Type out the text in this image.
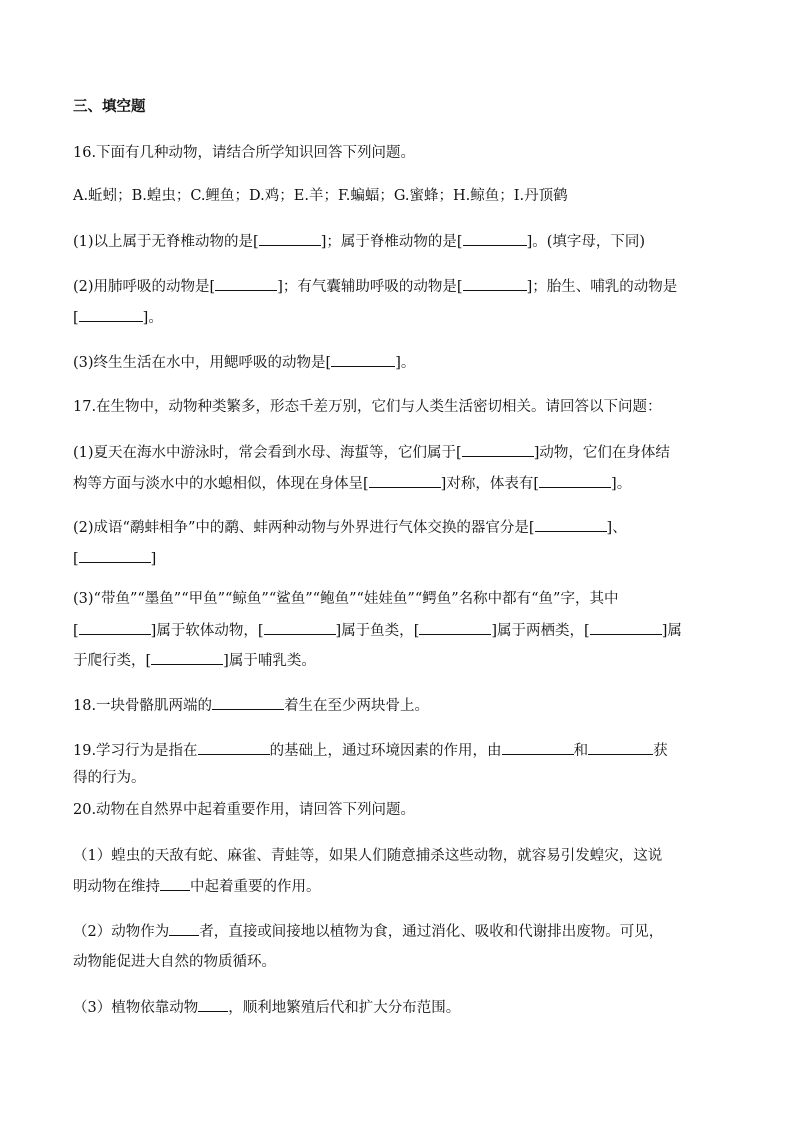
三、填空题
16.下面有几种动物，请结合所学知识回答下列问题。
A.蚯蚓；B.蝗虫；C.鲤鱼；D.鸡；E.羊；F.蝙蝠；G.蜜蜂；H.鲸鱼；I.丹顶鹤
(1)以上属于无脊椎动物的是[	]；属于脊椎动物的是[	]。(填字母，下同)
(2)用肺呼吸的动物是[	]；有气囊辅助呼吸的动物是[	]；胎生、哺乳的动物是
[	]。
(3)终生生活在水中，用鳃呼吸的动物是[	]。
17.在生物中，动物种类繁多，形态千差万别，它们与人类生活密切相关。请回答以下问题：
(1)夏天在海水中游泳时，常会看到水母、海蜇等，它们属于[	]动物，它们在身体结
构等方面与淡水中的水螅相似，体现在身体呈[	]对称，体表有[	]。
(2)成语“鹬蚌相争”中的鹬、蚌两种动物与外界进行气体交换的器官分是[	]、
[	]
(3)“带鱼”“墨鱼”“甲鱼”“鲸鱼”“鲨鱼”“鲍鱼”“娃娃鱼”“鳄鱼”名称中都有“鱼”字，其中
[	]属于软体动物，[	]属于鱼类，[	]属于两栖类，[	]属
于爬行类，[	]属于哺乳类。
18.一块骨骼肌两端的	着生在至少两块骨上。
19.学习行为是指在	的基础上，通过环境因素的作用，由	和	获
得的行为。
20.动物在自然界中起着重要作用，请回答下列问题。
（1）蝗虫的天敌有蛇、麻雀、青蛙等，如果人们随意捕杀这些动物，就容易引发蝗灾，这说
明动物在维持 中起着重要的作用。
（2）动物作为 者，直接或间接地以植物为食，通过消化、吸收和代谢排出废物。可见，
动物能促进大自然的物质循环。
（3）植物依靠动物 ，顺利地繁殖后代和扩大分布范围。
